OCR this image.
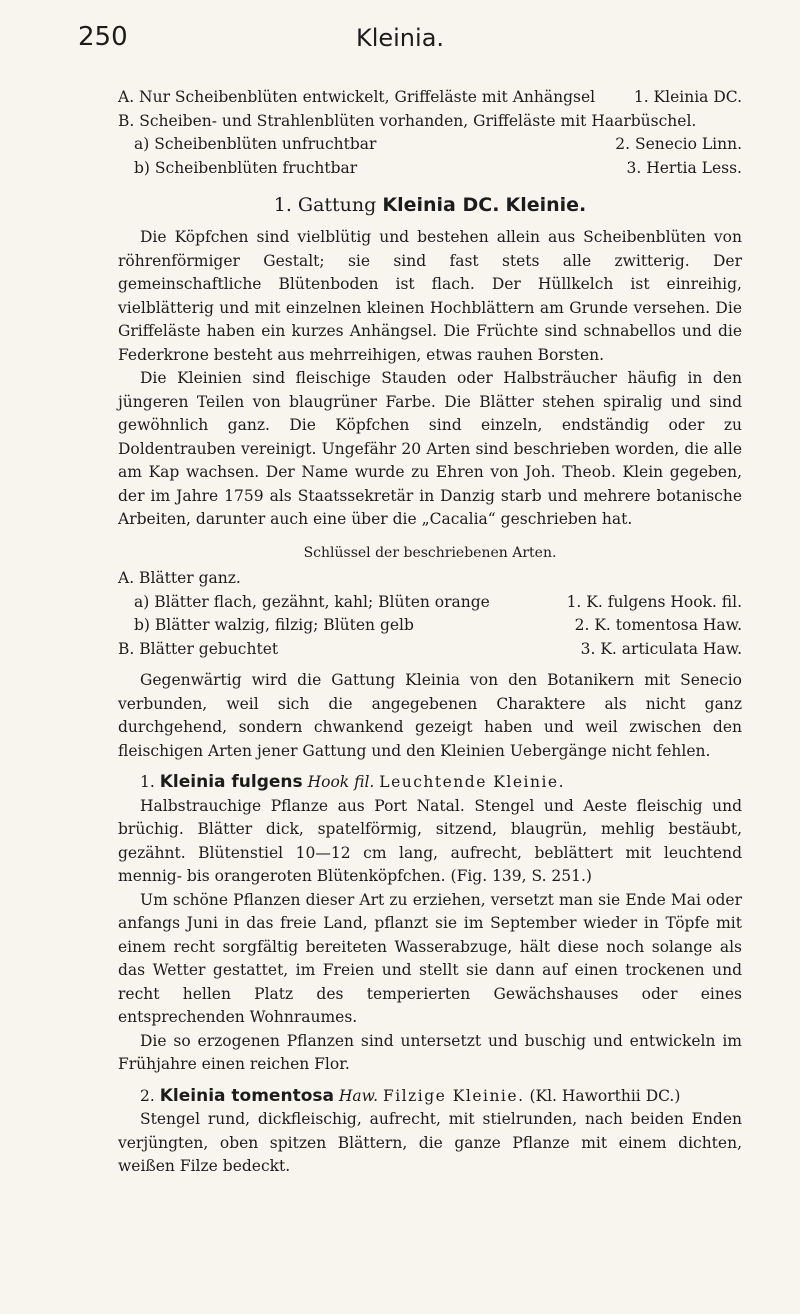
250	Kleinia.
A. Nur Scheibenblüten entwickelt, Griffeläste mit Anhängsel 1. Kleinia DC.
B. Scheiben- und Strahlenblüten vorhanden, Griffeläste mit Haarbüschel.
a) Scheibenblüten unfruchtbar	2. Senecio Linn.
b) Scheibenblüten fruchtbar	3. Hertia Less.
1. Gattung Kleinia DC. Kleinie.

Die Köpfchen sind vielblütig und bestehen allein aus Scheibenblüten von röhrenförmiger Gestalt; sie sind fast stets alle zwitterig. Der gemeinschaftliche Blütenboden ist flach. Der Hüllkelch ist einreihig, vielblätterig und mit einzelnen kleinen Hochblättern am Grunde versehen. Die Griffeläste haben ein kurzes Anhängsel. Die Früchte sind schnabellos und die Federkrone besteht aus mehrreihigen, etwas rauhen Borsten.

Die Kleinien sind fleischige Stauden oder Halbsträucher häufig in den jüngeren Teilen von blaugrüner Farbe. Die Blätter stehen spiralig und sind gewöhnlich ganz. Die Köpfchen sind einzeln, endständig oder zu Doldentrauben vereinigt. Ungefähr 20 Arten sind beschrieben worden, die alle am Kap wachsen. Der Name wurde zu Ehren von Joh. Theob. Klein gegeben, der im Jahre 1759 als Staatssekretär in Danzig starb und mehrere botanische Arbeiten, darunter auch eine über die „Cacalia“ geschrieben hat.

Schlüssel der beschriebenen Arten.
A. Blätter ganz.
a) Blätter flach, gezähnt, kahl; Blüten orange	1. K. fulgens Hook. fil.
b) Blätter walzig, filzig; Blüten gelb	2. K. tomentosa Haw.
B. Blätter gebuchtet	3. K. articulata Haw.

Gegenwärtig wird die Gattung Kleinia von den Botanikern mit Senecio verbunden, weil sich die angegebenen Charaktere als nicht ganz durchgehend, sondern chwankend gezeigt haben und weil zwischen den fleischigen Arten jener Gattung und den Kleinien Uebergänge nicht fehlen.

1. Kleinia fulgens Hook fil. Leuchtende Kleinie.

Halbstrauchige Pflanze aus Port Natal. Stengel und Aeste fleischig und brüchig. Blätter dick, spatelförmig, sitzend, blaugrün, mehlig bestäubt, gezähnt. Blütenstiel 10—12 cm lang, aufrecht, beblättert mit leuchtend mennig- bis orangeroten Blütenköpfchen. (Fig. 139, S. 251.)

Um schöne Pflanzen dieser Art zu erziehen, versetzt man sie Ende Mai oder anfangs Juni in das freie Land, pflanzt sie im September wieder in Töpfe mit einem recht sorgfältig bereiteten Wasserabzuge, hält diese noch solange als das Wetter gestattet, im Freien und stellt sie dann auf einen trockenen und recht hellen Platz des temperierten Gewächshauses oder eines entsprechenden Wohnraumes.

Die so erzogenen Pflanzen sind untersetzt und buschig und entwickeln im Frühjahre einen reichen Flor.

2. Kleinia tomentosa Haw. Filzige Kleinie. (Kl. Haworthii DC.)

Stengel rund, dickfleischig, aufrecht, mit stielrunden, nach beiden Enden verjüngten, oben spitzen Blättern, die ganze Pflanze mit einem dichten, weißen Filze bedeckt.
